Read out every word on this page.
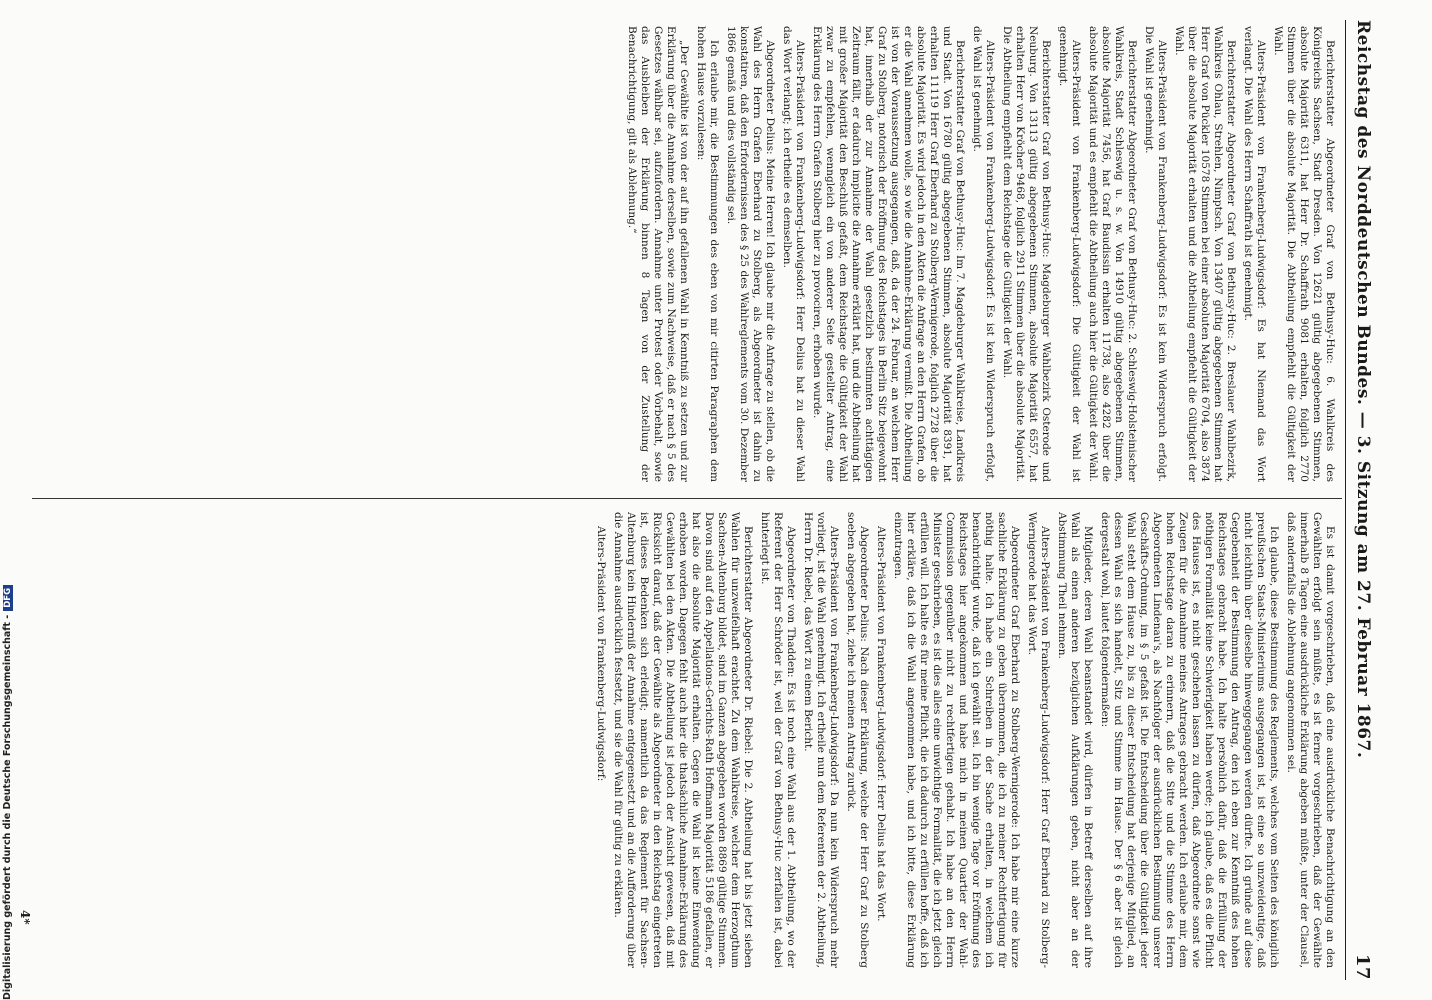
Digitalisierung gefördert durch die Deutsche Forschungsgemeinschaft -DFG	Reichstag des Norddeutschen Bundes. — 3. Sitzung am 27. Februar 1867.
17

Berichterstatter Abgeordneter Graf von Bethusy-Huc: 6. Wahlkreis des Königreichs Sachsen, Stadt Dresden. Von 12621 gültig abgegebenen Stimmen, absolute Majorität 6311, hat Herr Dr. Schaffrath 9081 erhalten, folglich 2770 Stimmen über die absolute Majorität. Die Abtheilung empfiehlt die Gültigkeit der Wahl.

Alters-Präsident von Frankenberg-Ludwigsdorf: Es hat Niemand das Wort verlangt. Die Wahl des Herrn Schaffrath ist genehmigt.

Berichterstatter Abgeordneter Graf von Bethusy-Huc: 2. Breslauer Wahlbezirk, Wahlkreis Ohlau, Strehlen, Nimptsch. Von 13407 gültig abgegebenen Stimmen hat Herr Graf von Pückler 10578 Stimmen bei einer absoluten Majorität 6704, also 3874 über die absolute Majorität erhalten und die Abtheilung empfiehlt die Gültigkeit der Wahl.

Alters-Präsident von Frankenberg-Ludwigsdorf: Es ist kein Widerspruch erfolgt. Die Wahl ist genehmigt.

Berichterstatter Abgeordneter Graf von Bethusy-Huc: 2. Schleswig-Holsteinischer Wahlkreis, Stadt Schleswig u. s. w. Von 14910 gültig abgegebenen Stimmen, absolute Majorität 7456, hat Graf Baudissin erhalten 11738, also 4282 über die absolute Majorität und es empfiehlt die Abtheilung auch hier die Gültigkeit der Wahl.

Alters-Präsident von Frankenberg-Ludwigsdorf: Die Gültigkeit der Wahl ist genehmigt.

Berichterstatter Graf von Bethusy-Huc: Magdeburger Wahlbezirk Osterode und Neuburg. Von 13113 gültig abgegebenen Stimmen, absolute Majorität 6557, hat erhalten Herr von Kröcher 9468, folglich 2911 Stimmen über die absolute Majorität. Die Abtheilung empfiehlt dem Reichstage die Gültigkeit der Wahl.

Alters-Präsident von Frankenberg-Ludwigsdorf: Es ist kein Widerspruch erfolgt, die Wahl ist genehmigt.

Berichterstatter Graf von Bethusy-Huc: Im 7. Magdeburger Wahlkreise, Landkreis und Stadt. Von 16780 gültig abgegebenen Stimmen, absolute Majorität 8391, hat erhalten 11119 Herr Graf Eberhard zu Stolberg-Wernigerode, folglich 2728 über die absolute Majorität. Es wird jedoch in den Akten die Anfrage an den Herrn Grafen, ob er die Wahl annehmen wolle, so wie die Annahme-Erklärung vermißt. Die Abtheilung ist von der Voraussetzung ausgegangen, daß, da der 24. Februar, an welchem Herr Graf zu Stolberg, notorisch der Eröffnung des Reichstages in Berlin Sitz beigewohnt hat, innerhalb der zur Annahme der Wahl gesetzlich bestimmten achttägigen Zeitraum fällt, er dadurch implicite die Annahme erklärt hat, und die Abtheilung hat mit großer Majorität den Beschluß gefaßt, dem Reichstage die Gültigkeit der Wahl zwar zu empfehlen, wenngleich ein von anderer Seite gestellter Antrag, eine Erklärung des Herrn Grafen Stolberg hier zu provociren, erhoben wurde.

Alters-Präsident von Frankenberg-Ludwigsdorf: Herr Delius hat zu dieser Wahl das Wort verlangt; ich ertheile es demselben.

Abgeordneter Delius: Meine Herren! Ich glaube mir die Anfrage zu stellen, ob die Wahl des Herrn Grafen Eberhard zu Stolberg, als Abgeordneter ist dahin zu konstatiren, daß den Erfordernissen des § 25 des Wahlreglements vom 30. Dezember 1866 gemäß und dies vollständig sei.

Ich erlaube mir, die Bestimmungen des eben von mir citirten Paragraphen dem hohen Hause vorzulesen:

„Der Gewählte ist von der auf ihn gefallenen Wahl in Kenntniß zu setzen und zur Erklärung über die Annahme derselben, sowie zum Nachweise, daß er nach § 5 des Gesetzes wählbar sei, aufzufordern. Annahme unter Protest oder Vorbehalt, sowie das Ausbleiben der Erklärung binnen 8 Tagen von der Zustellung der Benachrichtigung, gilt als Ablehnung.“

Es ist damit vorgeschrieben, daß eine ausdrückliche Benachrichtigung an den Gewählten erfolgt sein müßte, es ist ferner vorgeschrieben, daß der Gewählte innerhalb 8 Tagen eine ausdrückliche Erklärung abgeben müßte, unter der Clausel, daß andernfalls die Ablehnung angenommen sei.

Ich glaube, diese Bestimmung des Reglements, welches vom Seiten des königlich preußischen Staats-Ministeriums ausgegangen ist, ist eine so unzweideutige, daß nicht leichthin über dieselbe hinweggegangen werden dürfte. Ich gründe auf diese Gegebenheit der Bestimmung den Antrag, den ich eben zur Kenntniß des hohen Reichstages gebracht habe. Ich halte persönlich dafür, daß die Erfüllung der nöthigen Formalität keine Schwierigkeit haben werde; ich glaube, daß es die Pflicht des Hauses ist, es nicht geschehen lassen zu dürfen, daß Abgeordnete sonst wie Zeugen für die Annahme meines Antrages gebracht werden. Ich erlaube mir, dem hohen Reichstage daran zu erinnern, daß die Sitte und die Stimme des Herrn Abgeordneten Lindenau's, als Nachfolger der ausdrücklichen Bestimmung unserer Geschäfts-Ordnung, im § 5 gefaßt ist. Die Entscheidung über die Gültigkeit jeder Wahl steht dem Hause zu, bis zu dieser Entscheidung hat derjenige Mitglied, an dessen Wahl es sich handelt, Sitz und Stimme im Hause. Der § 6 aber ist gleich dergestalt wohl, lautet folgendermaßen:

Mitglieder, deren Wahl beanstandet wird, dürfen in Betreff derselben auf ihre Wahl als einen anderen bezüglichen Aufklärungen geben, nicht aber an der Abstimmung Theil nehmen.

Alters-Präsident von Frankenberg-Ludwigsdorf: Herr Graf Eberhard zu Stolberg-Wernigerode hat das Wort.

Abgeordneter Graf Eberhard zu Stolberg-Wernigerode: Ich habe mir eine kurze sachliche Erklärung zu geben übernommen, die ich zu meiner Rechtfertigung für nöthig halte. Ich habe ein Schreiben in der Sache erhalten, in welchem ich benachrichtigt wurde, daß ich gewählt sei. Ich bin wenige Tage vor Eröffnung des Reichstages hier angekommen und habe mich in meinen Quartier der Wahl-Commission gegenüber nicht zu rechtfertigen gehabt. Ich habe an den Herrn Minister geschrieben, es ist dies alles eine unwichtige Formalität, die ich jetzt gleich erfüllen will. Ich halte es für meine Pflicht, die ich dadurch zu erfüllen hoffe, daß ich hier erkläre, daß ich die Wahl angenommen habe, und ich bitte, diese Erklärung einzutragen.

Alters-Präsident von Frankenberg-Ludwigsdorf: Herr Delius hat das Wort.

Abgeordneter Delius: Nach dieser Erklärung, welche der Herr Graf zu Stolberg soeben abgegeben hat, ziehe ich meinen Antrag zurück.

Alters-Präsident von Frankenberg-Ludwigsdorf: Da nun kein Widerspruch mehr vorliegt, ist die Wahl genehmigt. Ich ertheile nun dem Referenten der 2. Abtheilung, Herrn Dr. Riebel, das Wort zu einem Bericht.

Abgeordneter von Thadden: Es ist noch eine Wahl aus der 1. Abtheilung, wo der Referent der Herr Schröder ist, weil der Graf von Bethusy-Huc zerfallen ist, dabei hinterlegt ist.

Berichterstatter Abgeordneter Dr. Riebel: Die 2. Abtheilung hat bis jetzt sieben Wahlen für unzweifelhaft erachtet. Zu dem Wahlkreise, welcher dem Herzogthum Sachsen-Altenburg bildet, sind im Ganzen abgegeben worden 8869 gültige Stimmen. Davon sind auf den Appellations-Gerichts-Rath Hoffmann Majorität 5186 gefallen, er hat also die absolute Majorität erhalten. Gegen die Wahl ist keine Einwendung erhoben worden. Dagegen fehlt auch hier die thatsächliche Annahme-Erklärung des Gewählten bei den Akten. Die Abtheilung ist jedoch der Ansicht gewesen, daß mit Rücksicht darauf, daß der Gewählte als Abgeordneter in den Reichstag eingetreten ist, dieses Bedenken sich erledigt; namentlich da das Reglement für Sachsen-Altenburg kein Hinderniß der Annahme entgegensetzt und an die Aufforderung über die Annahme ausdrücklich festsetzt, und sie die Wahl für gültig zu erklären.

Alters-Präsident von Frankenberg-Ludwigsdorf:

4*
